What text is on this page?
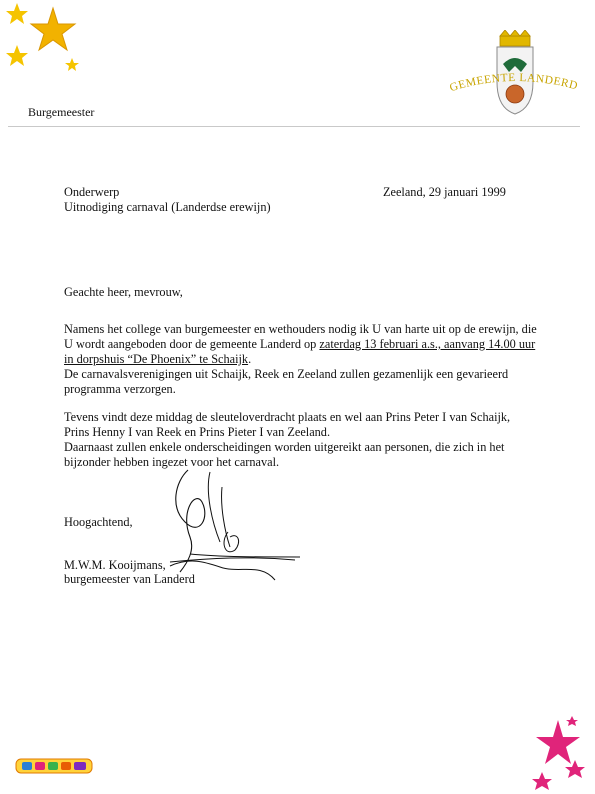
GEMEENTE LANDERD
Burgemeester
Onderwerp
Uitnodiging carnaval (Landerdse erewijn)
Zeeland, 29 januari 1999
Geachte heer, mevrouw,
Namens het college van burgemeester en wethouders nodig ik U van harte uit op de erewijn, die
U wordt aangeboden door de gemeente Landerd op zaterdag 13 februari a.s., aanvang 14.00 uur
in dorpshuis “De Phoenix” te Schaijk.
De carnavalsverenigingen uit Schaijk, Reek en Zeeland zullen gezamenlijk een gevarieerd
programma verzorgen.
Tevens vindt deze middag de sleuteloverdracht plaats en wel aan Prins Peter I van Schaijk,
Prins Henny I van Reek en Prins Pieter I van Zeeland.
Daarnaast zullen enkele onderscheidingen worden uitgereikt aan personen, die zich in het
bijzonder hebben ingezet voor het carnaval.
Hoogachtend,
M.W.M. Kooijmans,
burgemeester van Landerd
